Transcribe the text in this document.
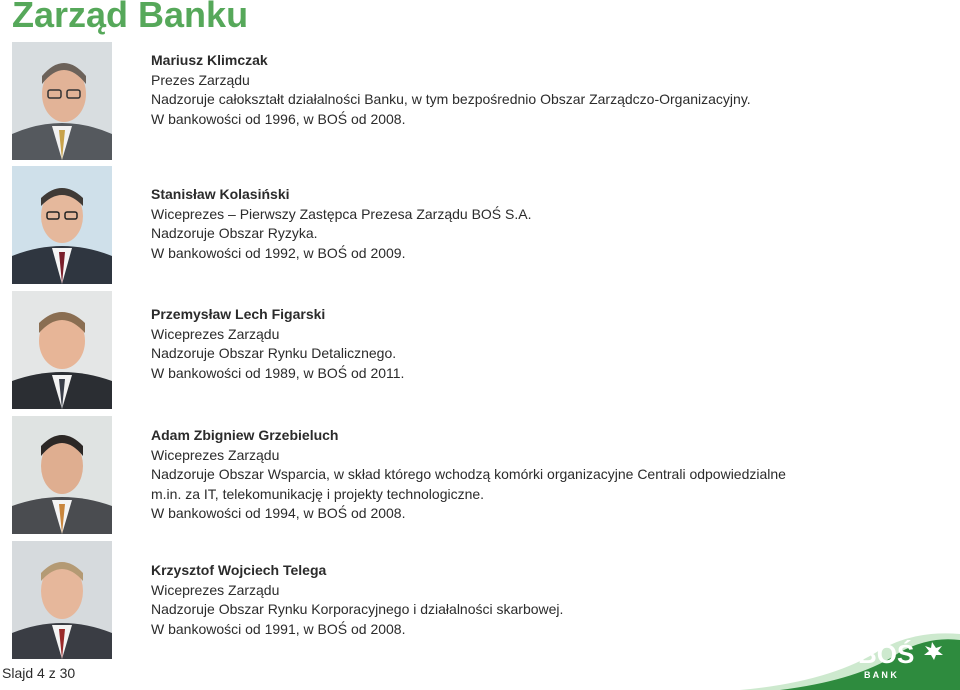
Zarząd Banku
Mariusz Klimczak
Prezes Zarządu
Nadzoruje całokształt działalności Banku, w tym bezpośrednio Obszar Zarządczo-Organizacyjny.
W bankowości od 1996, w BOŚ od 2008.
Stanisław Kolasiński
Wiceprezes – Pierwszy Zastępca Prezesa Zarządu BOŚ S.A.
Nadzoruje Obszar Ryzyka.
W bankowości od 1992, w BOŚ od 2009.
Przemysław Lech Figarski
Wiceprezes Zarządu
Nadzoruje Obszar Rynku Detalicznego.
W bankowości od 1989, w BOŚ od 2011.
Adam Zbigniew Grzebieluch
Wiceprezes Zarządu
Nadzoruje Obszar Wsparcia, w skład którego wchodzą komórki organizacyjne Centrali odpowiedzialne
m.in. za IT, telekomunikację i projekty technologiczne.
W bankowości od 1994, w BOŚ od 2008.
Krzysztof Wojciech Telega
Wiceprezes Zarządu
Nadzoruje Obszar Rynku Korporacyjnego i działalności skarbowej.
W bankowości od 1991, w BOŚ od 2008.
Slajd 4 z 30
BOŚ
B A N K
